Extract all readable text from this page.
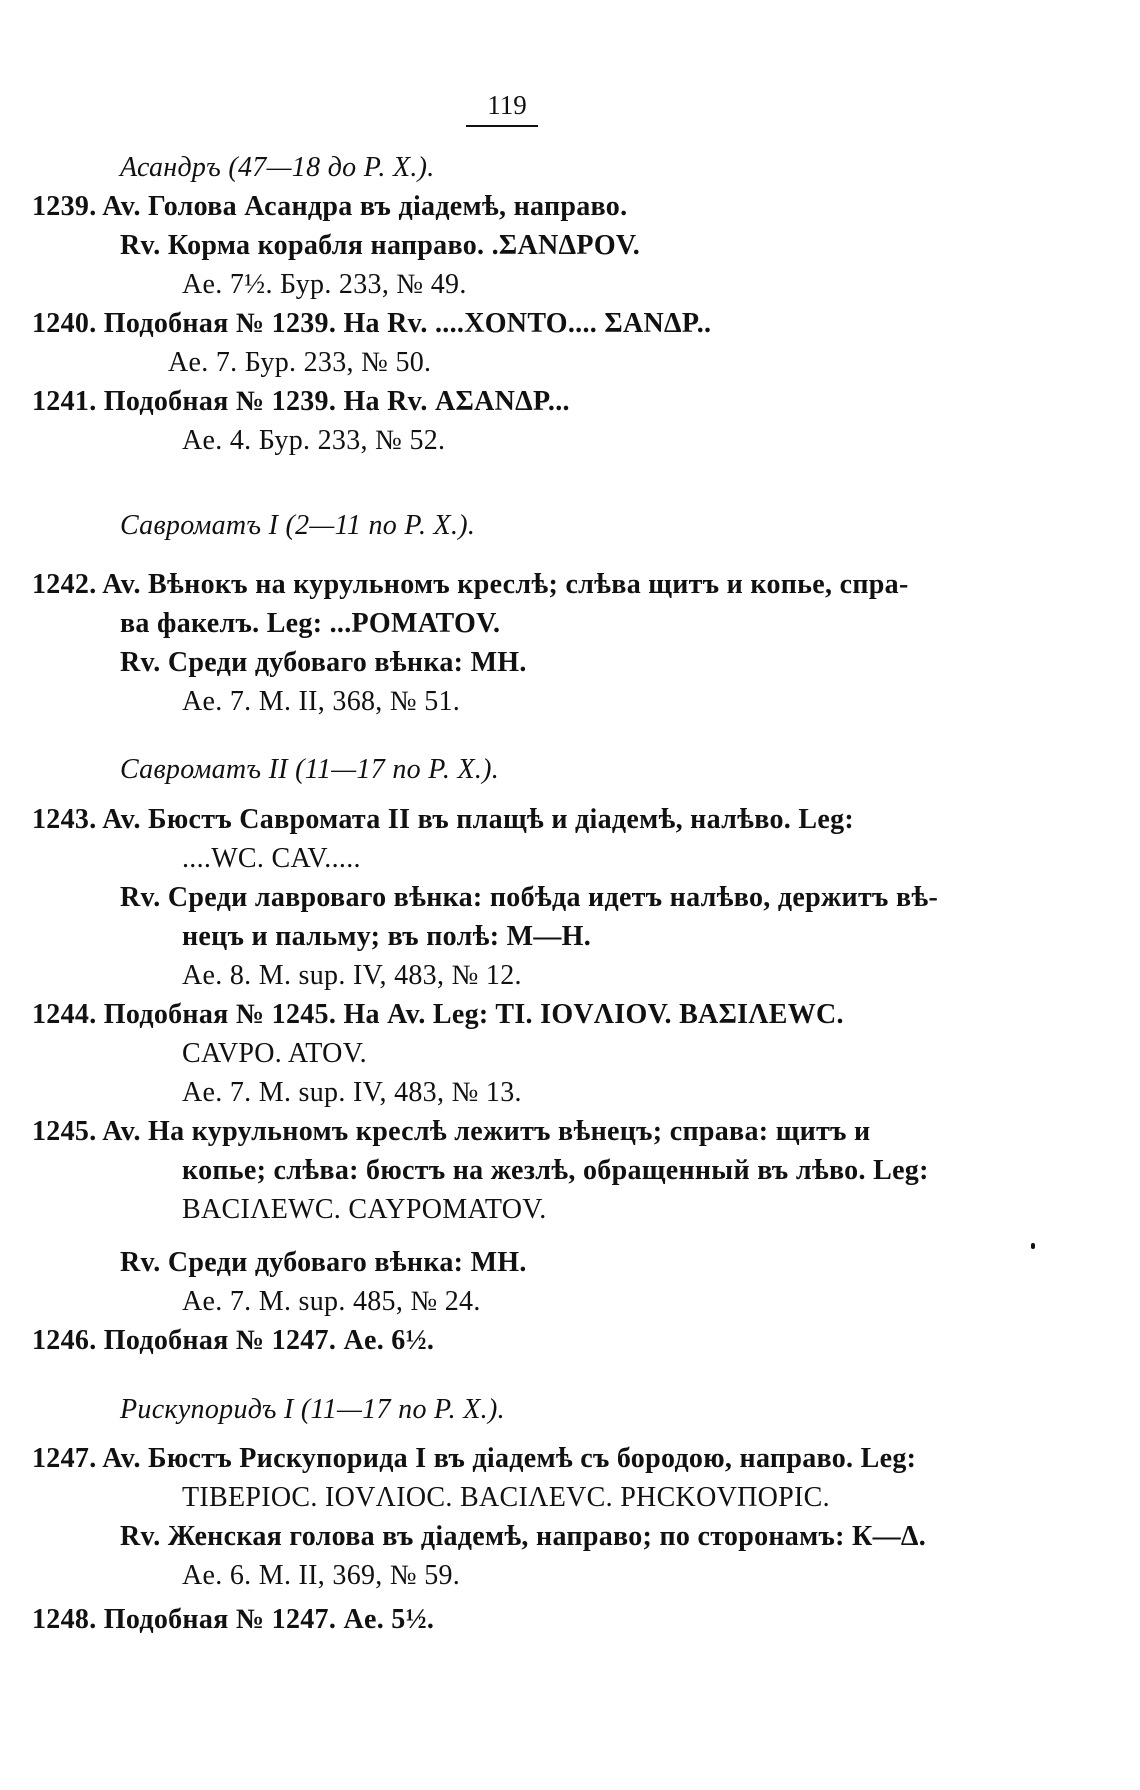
119
Асандръ (47—18 до Р. Х.).
1239. Av. Голова Асандра въ діадемѣ, направо.
Rv. Корма корабля направо. .ΣΑΝΔΡΟV.
Ae. 7½. Бур. 233, № 49.
1240. Подобная № 1239. На Rv. ....ΧΟΝΤΟ.... ΣΑΝΔΡ..
Ae. 7. Бур. 233, № 50.
1241. Подобная № 1239. На Rv. ΑΣΑΝΔΡ...
Ae. 4. Бур. 233, № 52.
Савроматъ I (2—11 по Р. Х.).
1242. Av. Вѣнокъ на курульномъ креслѣ; слѣва щитъ и копье, спра-
ва факелъ. Leg: ...ΡΟΜΑΤΟV.
Rv. Среди дубоваго вѣнка: МН.
Ae. 7. М. II, 368, № 51.
Савроматъ II (11—17 по Р. Х.).
1243. Av. Бюстъ Савромата II въ плащѣ и діадемѣ, налѣво. Leg:
....WC. CAV.....
Rv. Среди лавроваго вѣнка: побѣда идетъ налѣво, держитъ вѣ-
нецъ и пальму; въ полѣ: М—Н.
Ae. 8. M. sup. IV, 483, № 12.
1244. Подобная № 1245. На Av. Leg: TI. IOVΛIOV. BAΣIΛEWC.
CAVPO. ATOV.
Ae. 7. M. sup. IV, 483, № 13.
1245. Av. На курульномъ креслѣ лежитъ вѣнецъ; справа: щитъ и
копье; слѣва: бюстъ на жезлѣ, обращенный въ лѣво. Leg:
BACIΛEWC. CAYPOMATOV.
Rv. Среди дубоваго вѣнка: МН.
Ae. 7. M. sup. 485, № 24.
1246. Подобная № 1247. Ae. 6½.
Рискупоридъ I (11—17 по Р. Х.).
1247. Av. Бюстъ Рискупорида I въ діадемѣ съ бородою, направо. Leg:
TIBEPIOC. IOVΛIOC. BACIΛEVC. PHCKOVΠOPIC.
Rv. Женская голова въ діадемѣ, направо; по сторонамъ: К—Δ.
Ae. 6. M. II, 369, № 59.
1248. Подобная № 1247. Ae. 5½.
